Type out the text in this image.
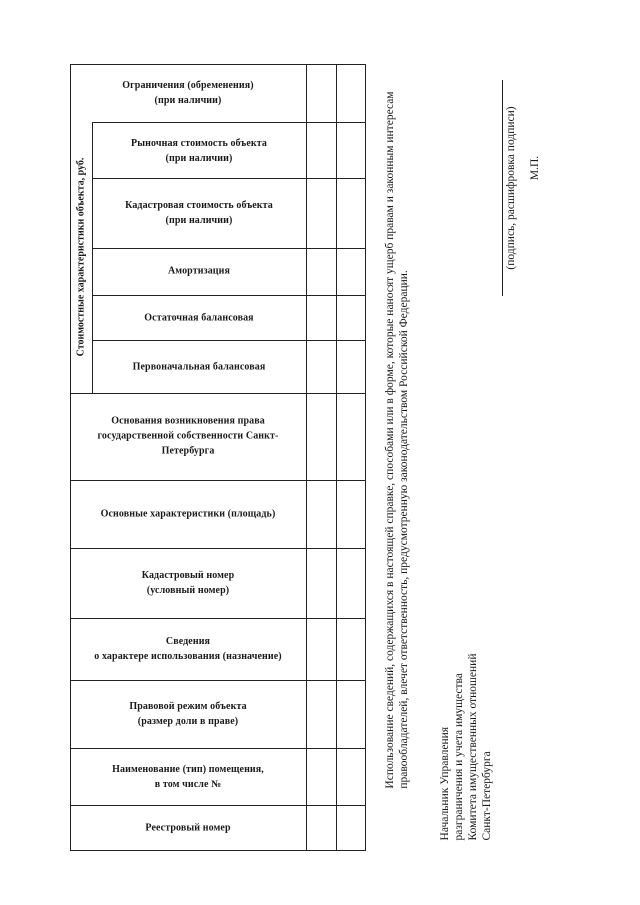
Ограничения (обременения)
(при наличии)
Рыночная стоимость объекта
(при наличии)
Кадастровая стоимость объекта
(при наличии)
Амортизация
Остаточная балансовая
Первоначальная балансовая
Основания возникновения права
государственной собственности Санкт-
Петербурга
Основные характеристики (площадь)
Кадастровый номер
(условный номер)
Сведения
о характере использования (назначение)
Правовой режим объекта
(размер доли в праве)
Наименование (тип) помещения,
в том числе №
Реестровый номер
Стоимостные характеристики объекта, руб.	Использование сведений, содержащихся в настоящей справке, способами или в форме, которые наносят ущерб правам и законным интересам правообладателей, влечет ответственность, предусмотренную законодательством Российской Федерации.	Начальник Управления разграничения и учета имущества Комитета имущественных отношений Санкт-Петербурга
(подпись, расшифровка подписи) М.П.
